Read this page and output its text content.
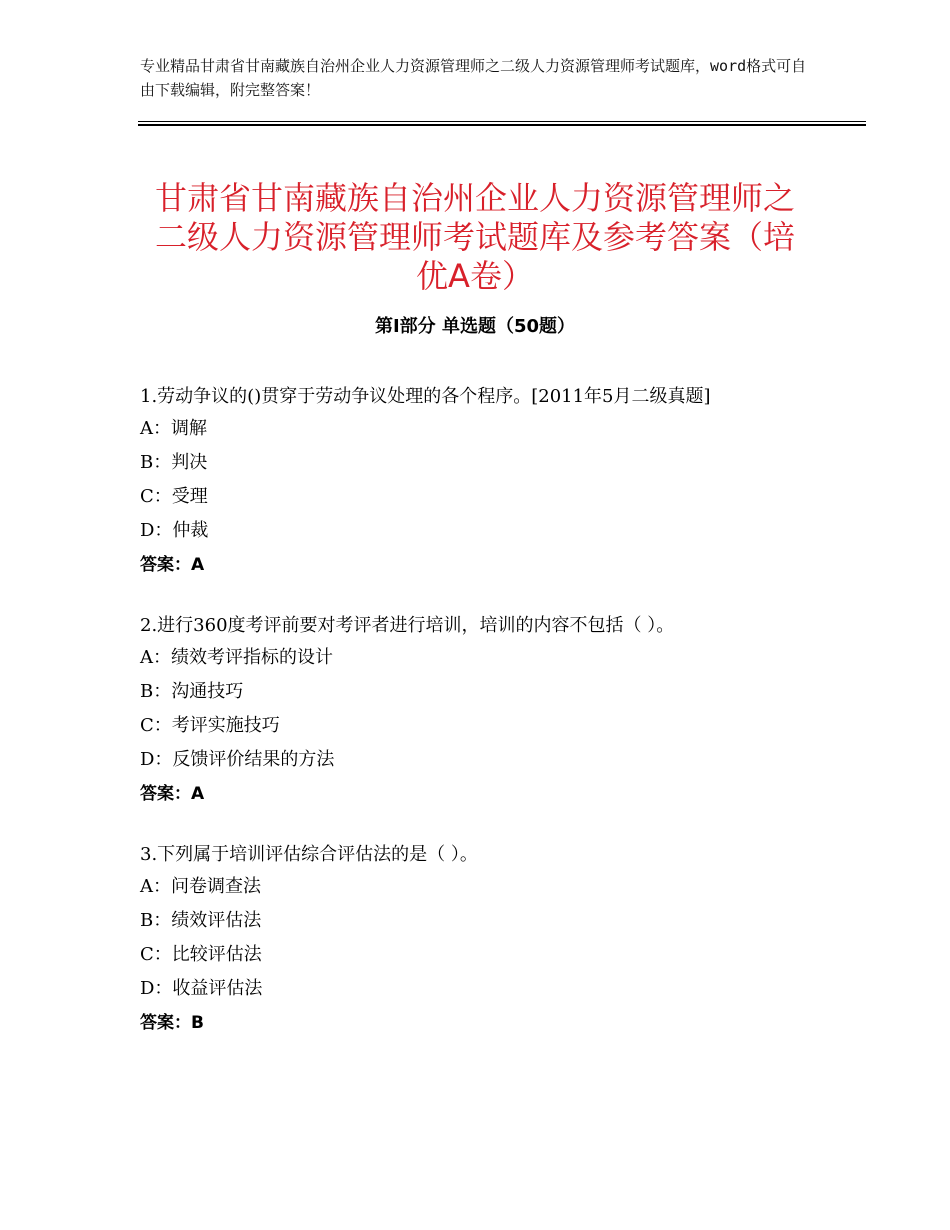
专业精品甘肃省甘南藏族自治州企业人力资源管理师之二级人力资源管理师考试题库，word格式可自由下载编辑，附完整答案！
甘肃省甘南藏族自治州企业人力资源管理师之二级人力资源管理师考试题库及参考答案（培优A卷）
第Ⅰ部分 单选题（50题）

1.劳动争议的()贯穿于劳动争议处理的各个程序。[2011年5月二级真题]

A：调解

B：判决

C：受理

D：仲裁

答案：A

2.进行360度考评前要对考评者进行培训，培训的内容不包括（ ）。

A：绩效考评指标的设计

B：沟通技巧

C：考评实施技巧

D：反馈评价结果的方法

答案：A

3.下列属于培训评估综合评估法的是（ ）。

A：问卷调查法

B：绩效评估法

C：比较评估法

D：收益评估法

答案：B
